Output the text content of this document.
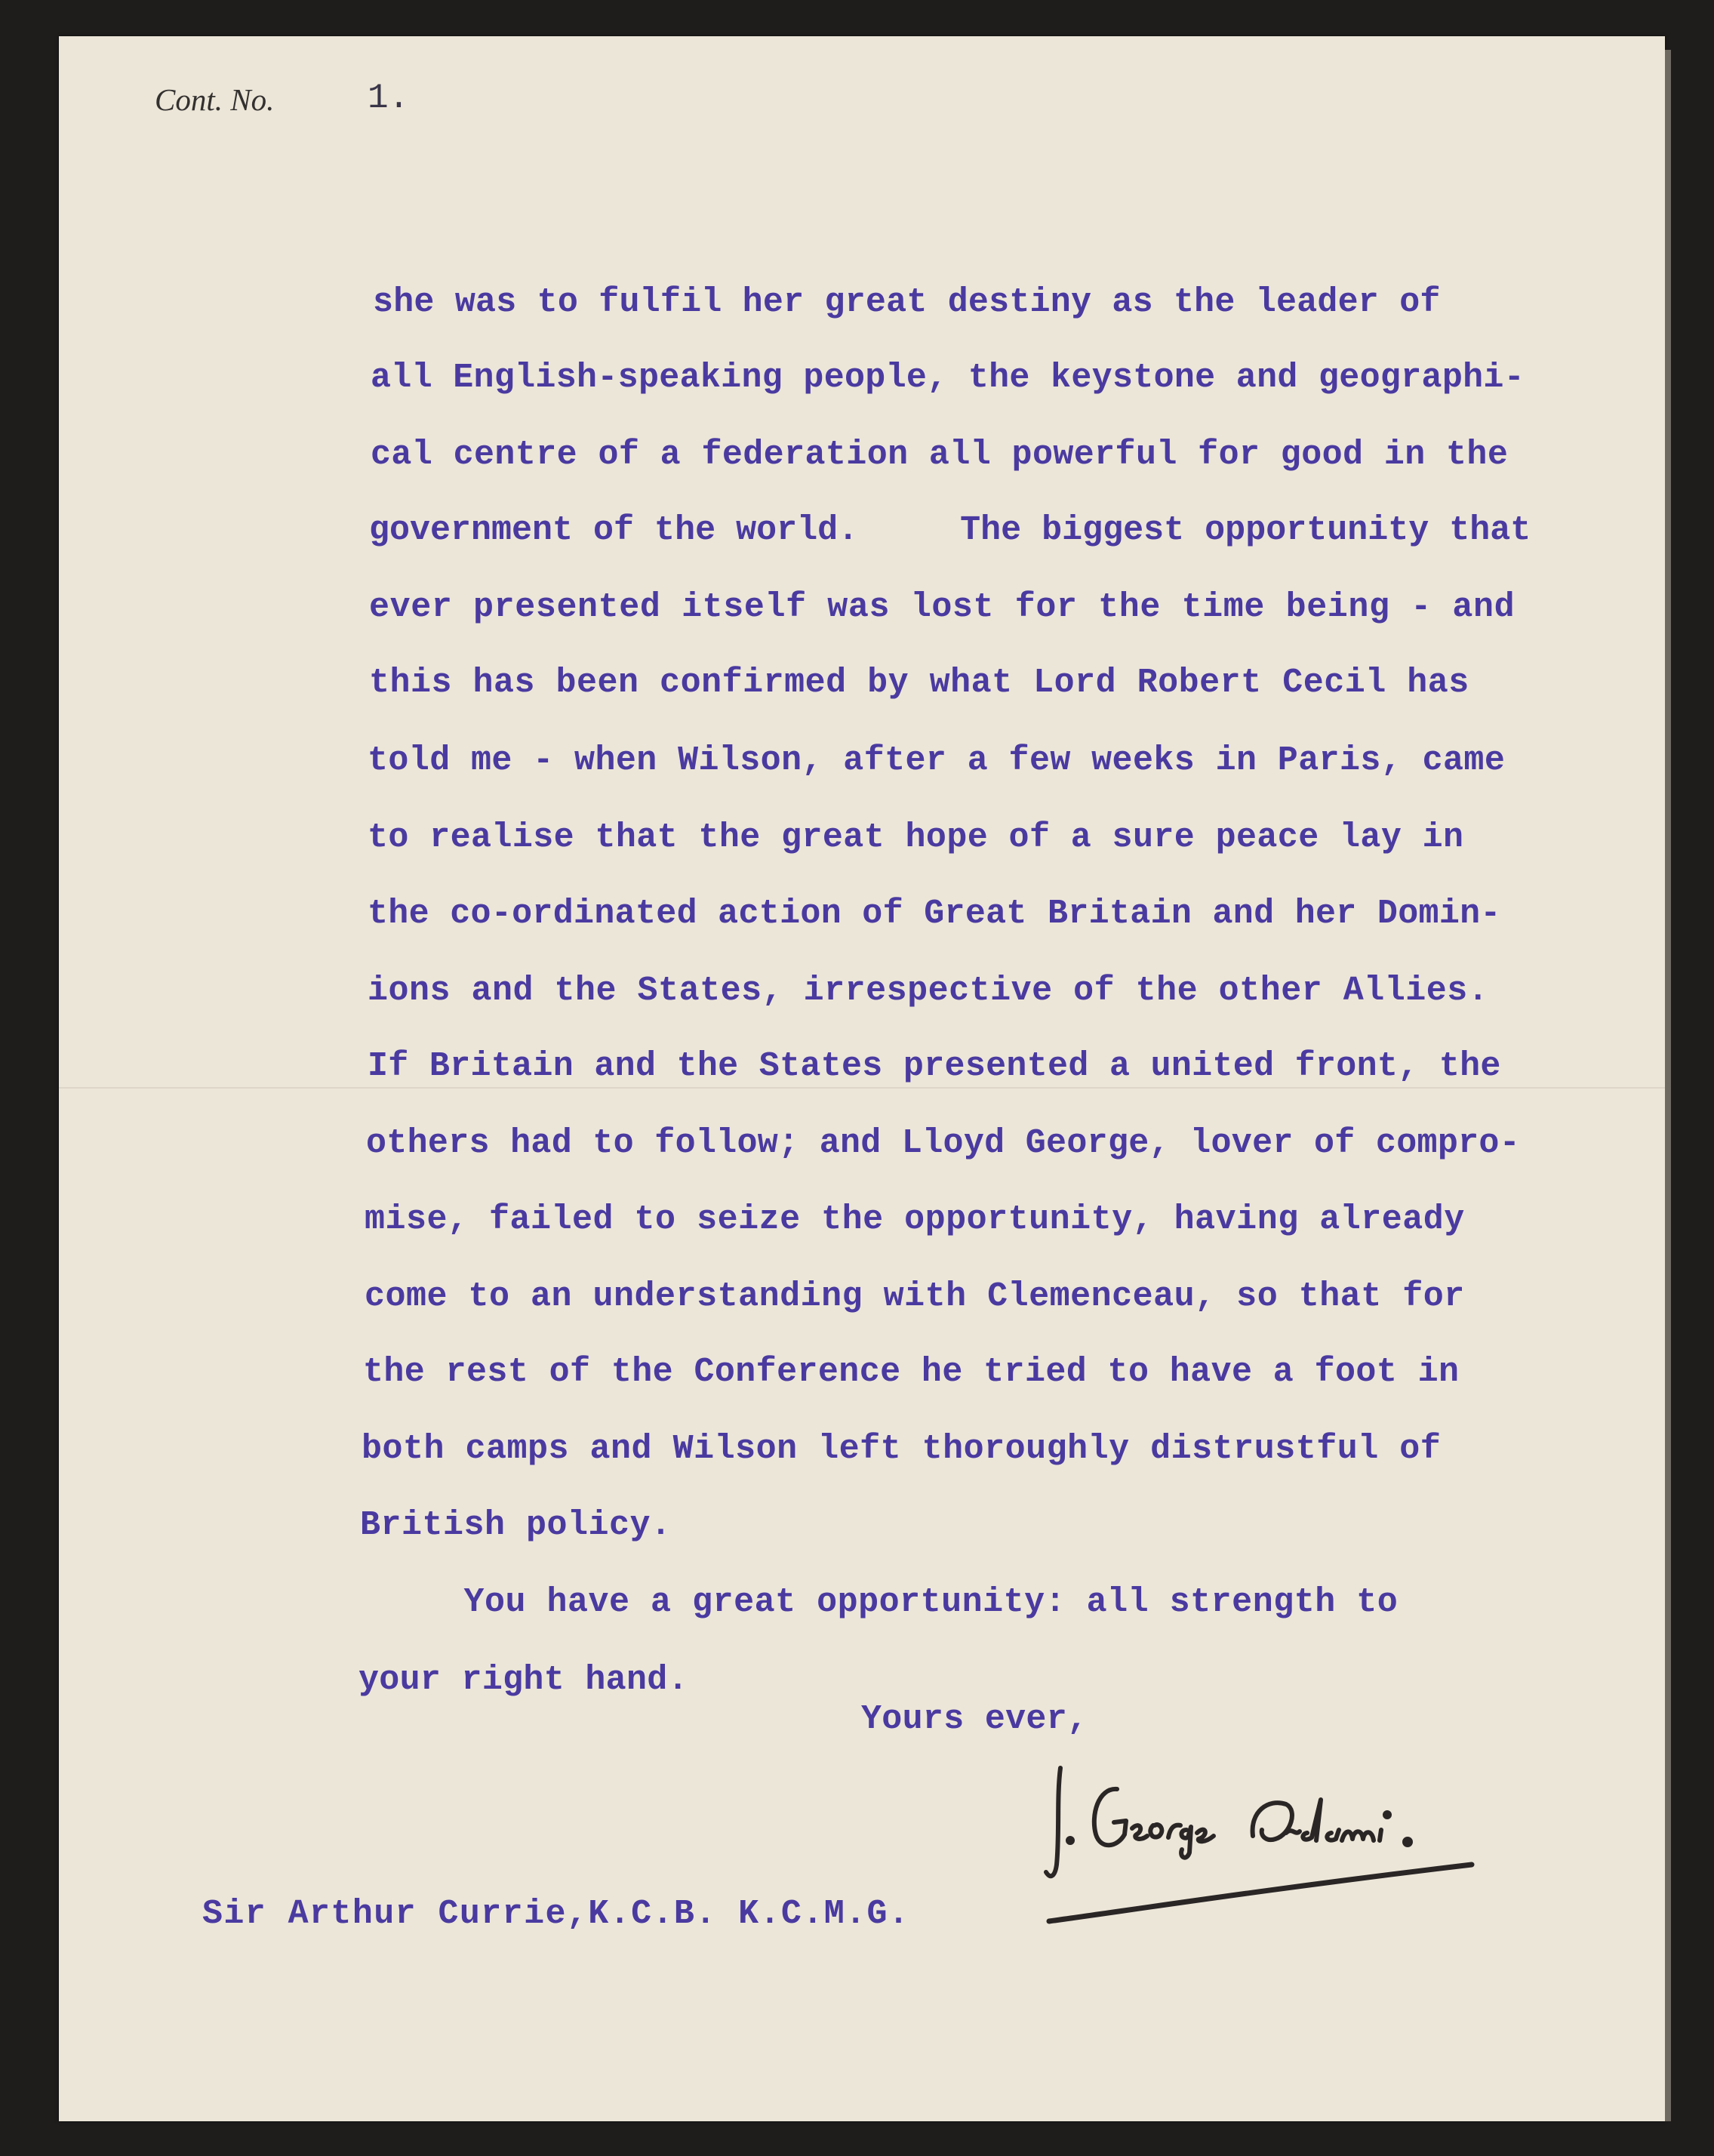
Cont. No.	1.
she was to fulfil her great destiny as the leader of
all English-speaking people, the keystone and geographi-
cal centre of a federation all powerful for good in the
government of the world.     The biggest opportunity that
ever presented itself was lost for the time being - and
this has been confirmed by what Lord Robert Cecil has
told me - when Wilson, after a few weeks in Paris, came
to realise that the great hope of a sure peace lay in
the co-ordinated action of Great Britain and her Domin-
ions and the States, irrespective of the other Allies.
If Britain and the States presented a united front, the
others had to follow; and Lloyd George, lover of compro-
mise, failed to seize the opportunity, having already
come to an understanding with Clemenceau, so that for
the rest of the Conference he tried to have a foot in
both camps and Wilson left thoroughly distrustful of
British policy.
You have a great opportunity: all strength to
your right hand.
Yours ever,
Sir Arthur Currie,K.C.B. K.C.M.G.
